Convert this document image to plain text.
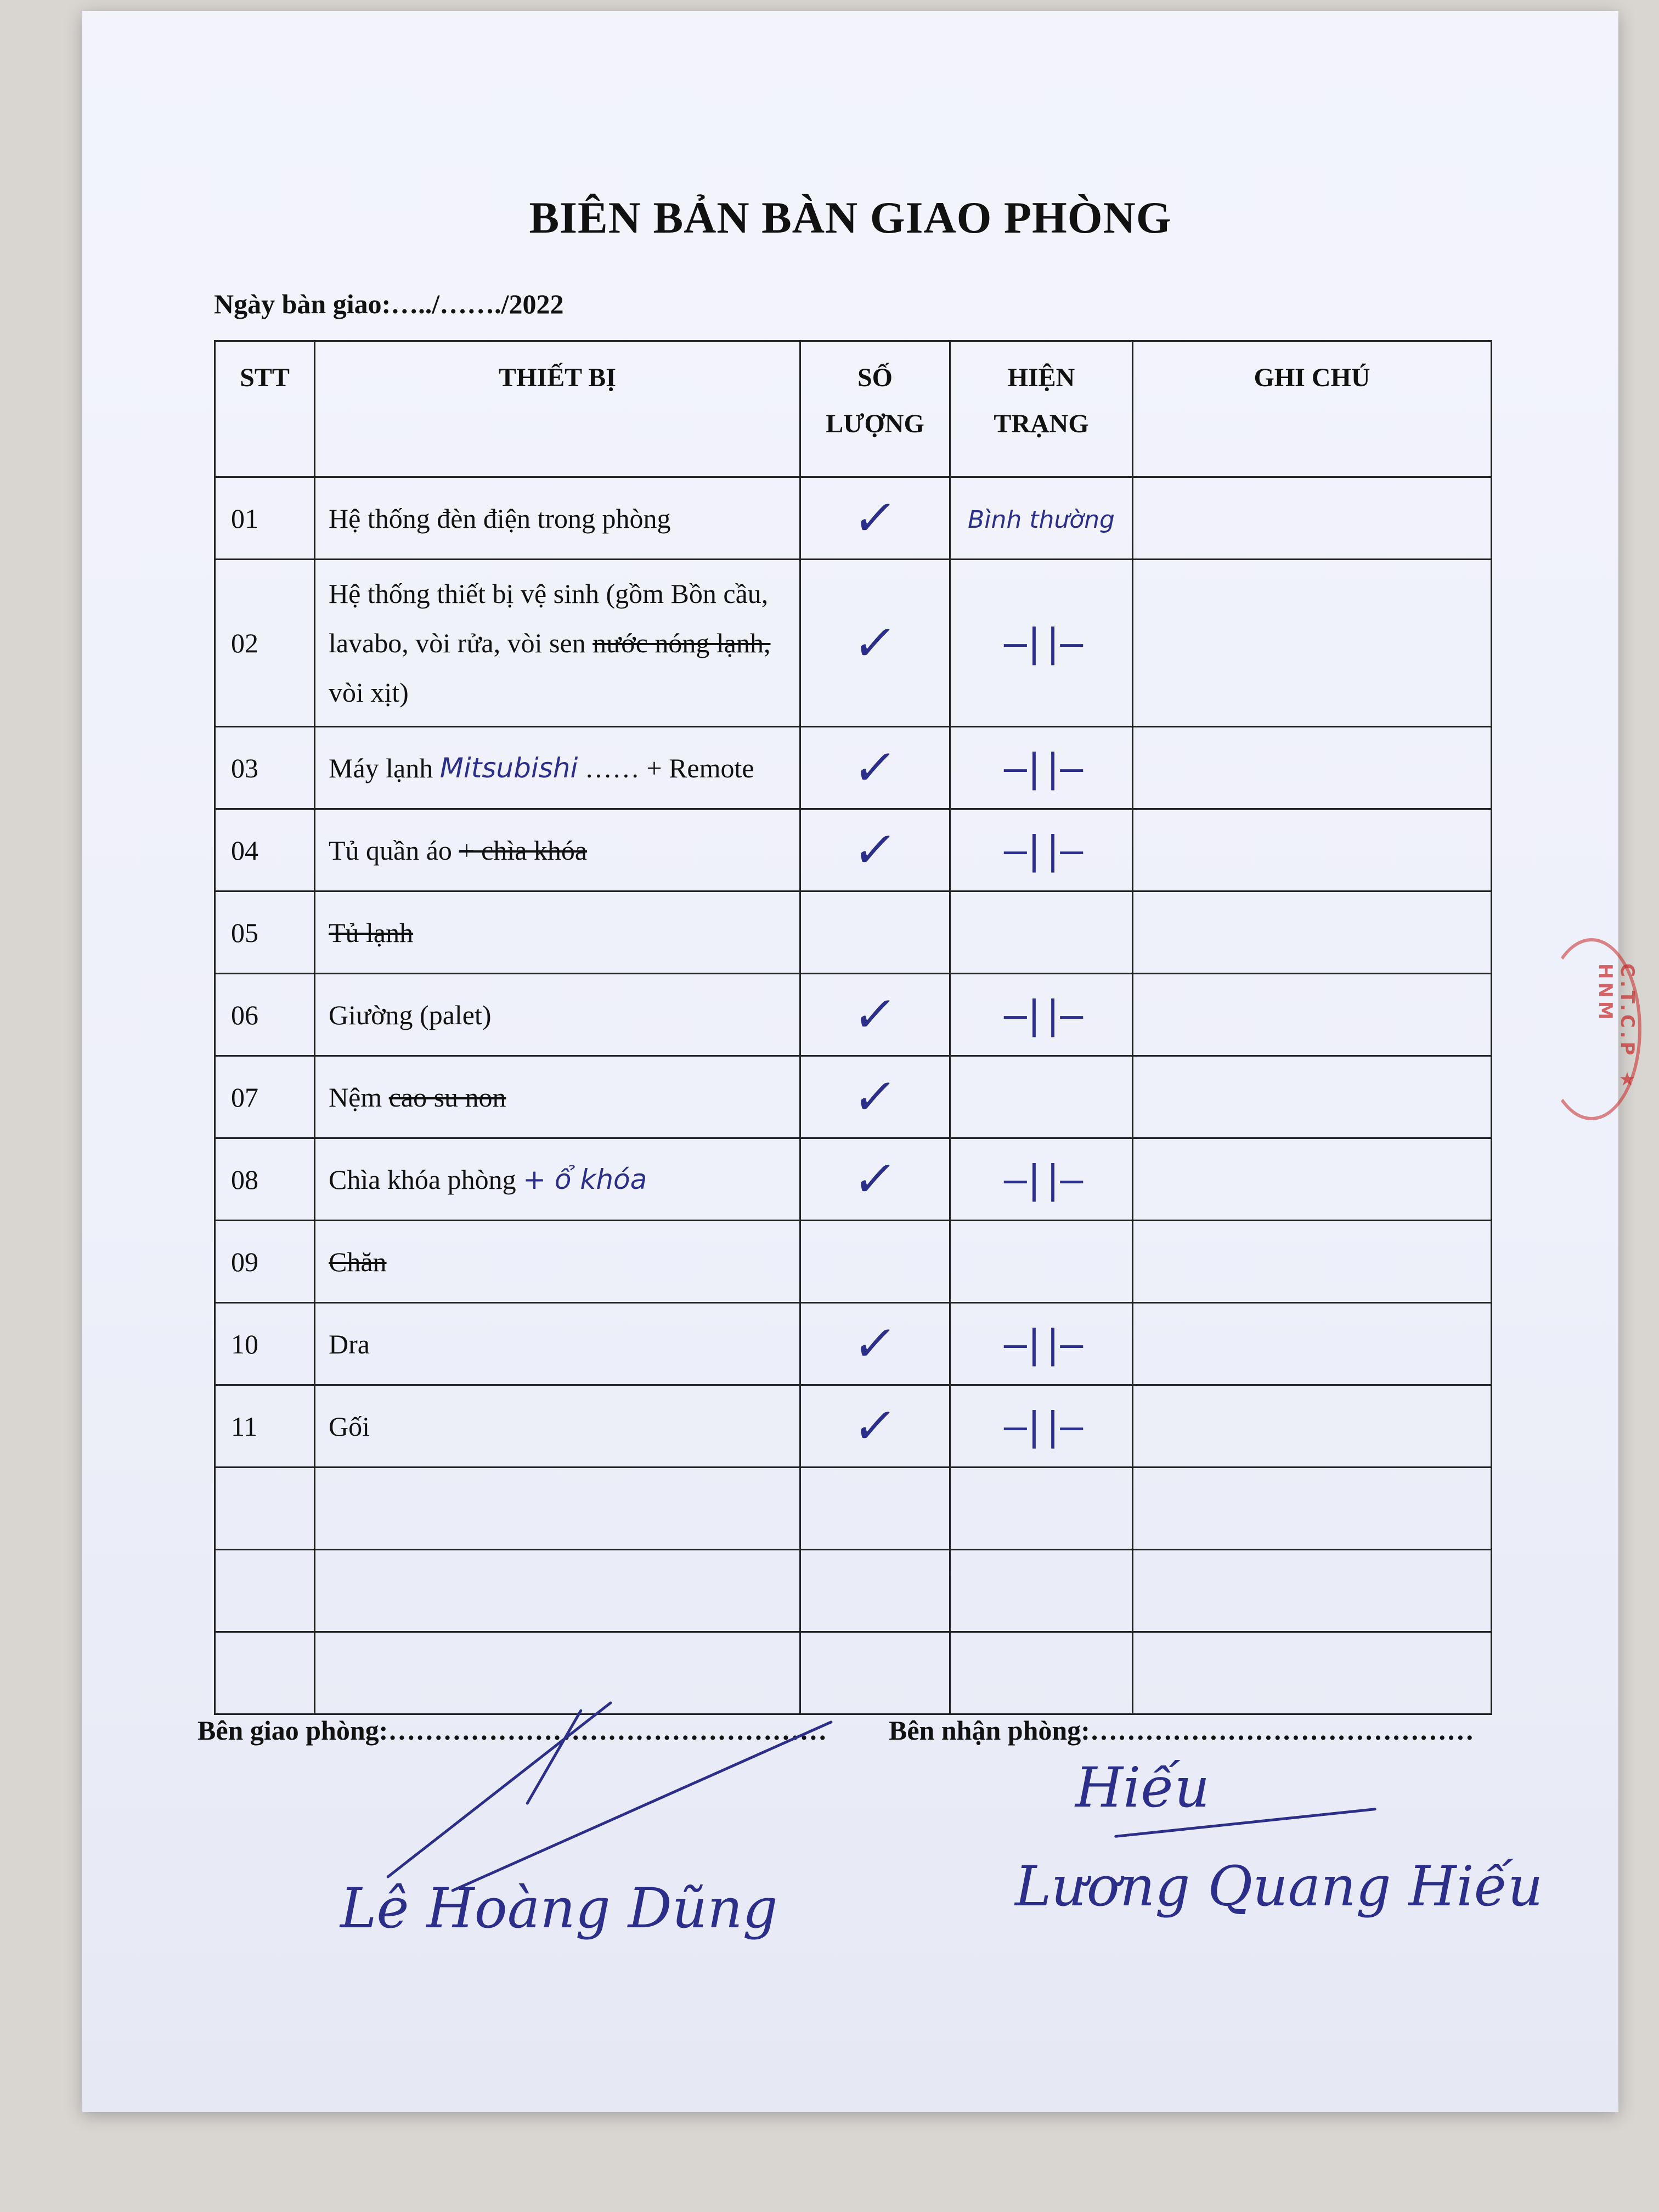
BIÊN BẢN BÀN GIAO PHÒNG
Ngày bàn giao:…../……./2022
STT	THIẾT BỊ	SỐ LƯỢNG	HIỆN TRẠNG	GHI CHÚ
01	Hệ thống đèn điện trong phòng	✓	Bình thường	
02	Hệ thống thiết bị vệ sinh (gồm Bồn cầu, lavabo, vòi rửa, vòi sen nước nóng lạnh, vòi xịt)	✓	—||—	
03	Máy lạnh Mitsubishi …… + Remote	✓	—||—	
04	Tủ quần áo + chìa khóa	✓	—||—	
05	Tủ lạnh			
06	Giường (palet)	✓	—||—	
07	Nệm cao su non	✓		
08	Chìa khóa phòng + ổ khóa	✓	—||—	
09	Chăn			
10	Dra	✓	—||—	
11	Gối	✓	—||—	

C.T.C.P ★ HNM
Bên giao phòng:………………………………………… Bên nhận phòng:……………………………………
Lê Hoàng Dũng
Hiếu
Lương Quang Hiếu
